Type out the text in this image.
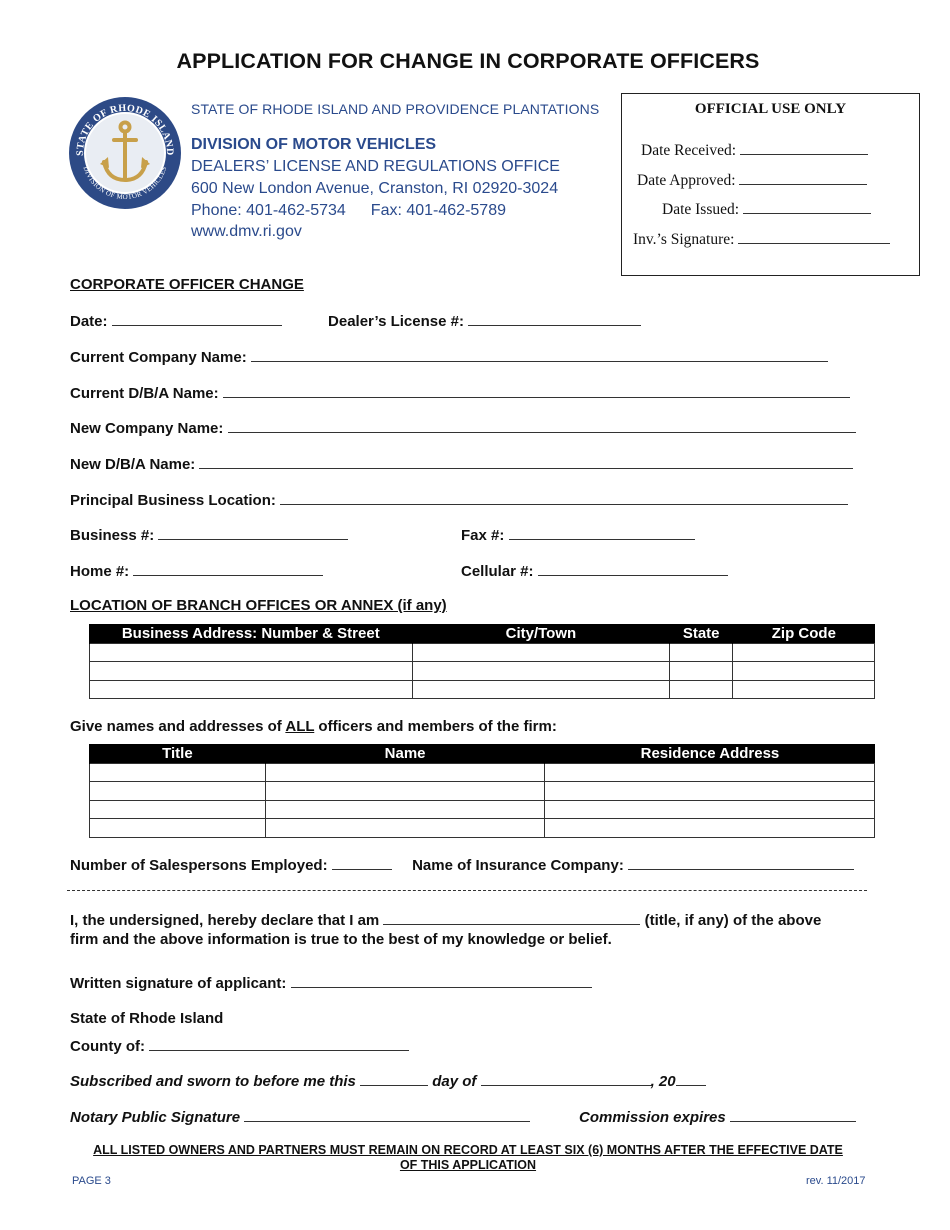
APPLICATION FOR CHANGE IN CORPORATE OFFICERS
STATE OF RHODE ISLAND
DIVISION OF MOTOR VEHICLES
STATE OF RHODE ISLAND AND PROVIDENCE PLANTATIONS
DIVISION OF MOTOR VEHICLES
DEALERS’ LICENSE AND REGULATIONS OFFICE
600 New London Avenue, Cranston, RI 02920-3024
Phone: 401-462-5734 Fax: 401-462-5789
www.dmv.ri.gov
OFFICIAL USE ONLY
Date Received:
Date Approved:
Date Issued:
Inv.’s Signature:
CORPORATE OFFICER CHANGE
Date:	Dealer’s License #:
Current Company Name:
Current D/B/A Name:
New Company Name:
New D/B/A Name:
Principal Business Location:
Business #:	Fax #:
Home #:	Cellular #:
LOCATION OF BRANCH OFFICES OR ANNEX (if any)
Business Address: Number & Street	City/Town	State	Zip Code

Give names and addresses of ALL officers and members of the firm:
Title	Name	Residence Address

Number of Salespersons Employed:	Name of Insurance Company:
I, the undersigned, hereby declare that I am	(title, if any) of the above
firm and the above information is true to the best of my knowledge or belief.
Written signature of applicant:
State of Rhode Island
County of:
Subscribed and sworn to before me this	day of	, 20
Notary Public Signature	Commission expires
ALL LISTED OWNERS AND PARTNERS MUST REMAIN ON RECORD AT LEAST SIX (6) MONTHS AFTER THE EFFECTIVE DATE
OF THIS APPLICATION
PAGE 3	rev. 11/2017
